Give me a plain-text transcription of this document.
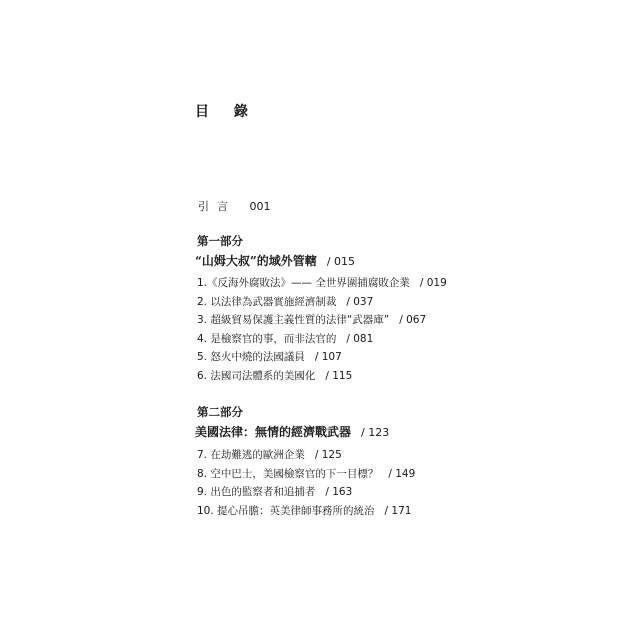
目 錄
引言 001
第一部分
“山姆大叔”的域外管轄 / 015
1.《反海外腐敗法》—— 全世界圍捕腐敗企業 / 019
2. 以法律為武器實施經濟制裁 / 037
3. 超級貿易保護主義性質的法律“武器庫” / 067
4. 是檢察官的事，而非法官的 / 081
5. 怒火中燒的法國議員 / 107
6. 法國司法體系的美國化 / 115
第二部分
美國法律：無情的經濟戰武器 / 123
7. 在劫難逃的歐洲企業 / 125
8. 空中巴士，美國檢察官的下一目標？ / 149
9. 出色的監察者和追捕者 / 163
10. 提心吊膽：英美律師事務所的統治 / 171
